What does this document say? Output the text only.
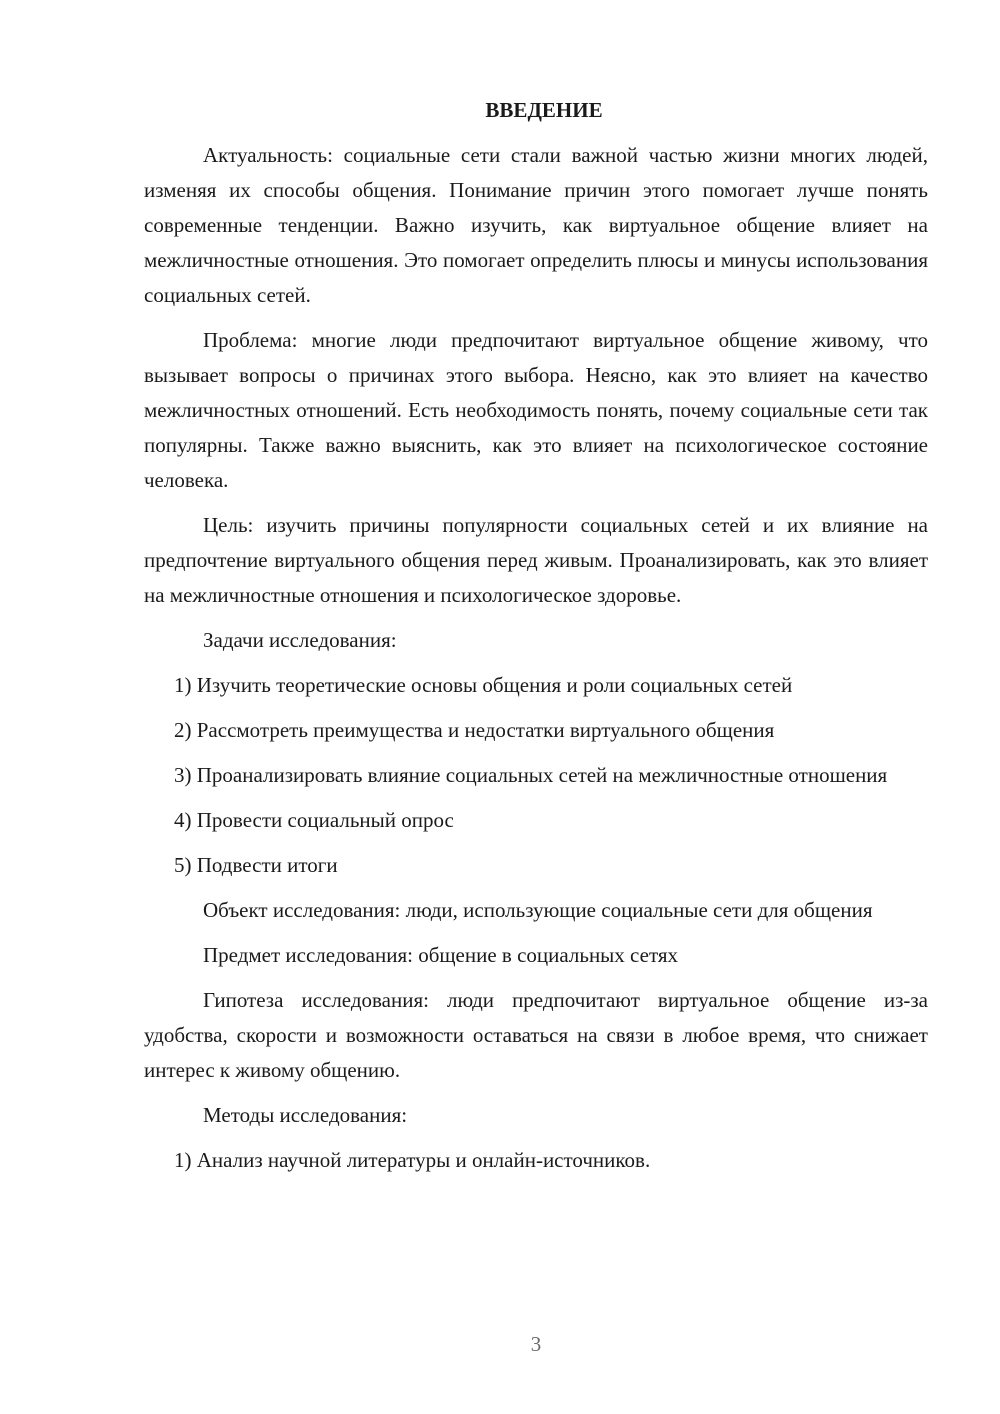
ВВЕДЕНИЕ

Актуальность: социальные сети стали важной частью жизни многих людей, изменяя их способы общения. Понимание причин этого помогает лучше понять современные тенденции. Важно изучить, как виртуальное общение влияет на межличностные отношения. Это помогает определить плюсы и минусы использования социальных сетей.

Проблема: многие люди предпочитают виртуальное общение живому, что вызывает вопросы о причинах этого выбора. Неясно, как это влияет на качество межличностных отношений. Есть необходимость понять, почему социальные сети так популярны. Также важно выяснить, как это влияет на психологическое состояние человека.

Цель: изучить причины популярности социальных сетей и их влияние на предпочтение виртуального общения перед живым. Проанализировать, как это влияет на межличностные отношения и психологическое здоровье.

Задачи исследования:

1) Изучить теоретические основы общения и роли социальных сетей

2) Рассмотреть преимущества и недостатки виртуального общения

3) Проанализировать влияние социальных сетей на межличностные отношения

4) Провести социальный опрос

5) Подвести итоги

Объект исследования: люди, использующие социальные сети для общения

Предмет исследования: общение в социальных сетях

Гипотеза исследования: люди предпочитают виртуальное общение из-за удобства, скорости и возможности оставаться на связи в любое время, что снижает интерес к живому общению.

Методы исследования:

1) Анализ научной литературы и онлайн-источников.

3
